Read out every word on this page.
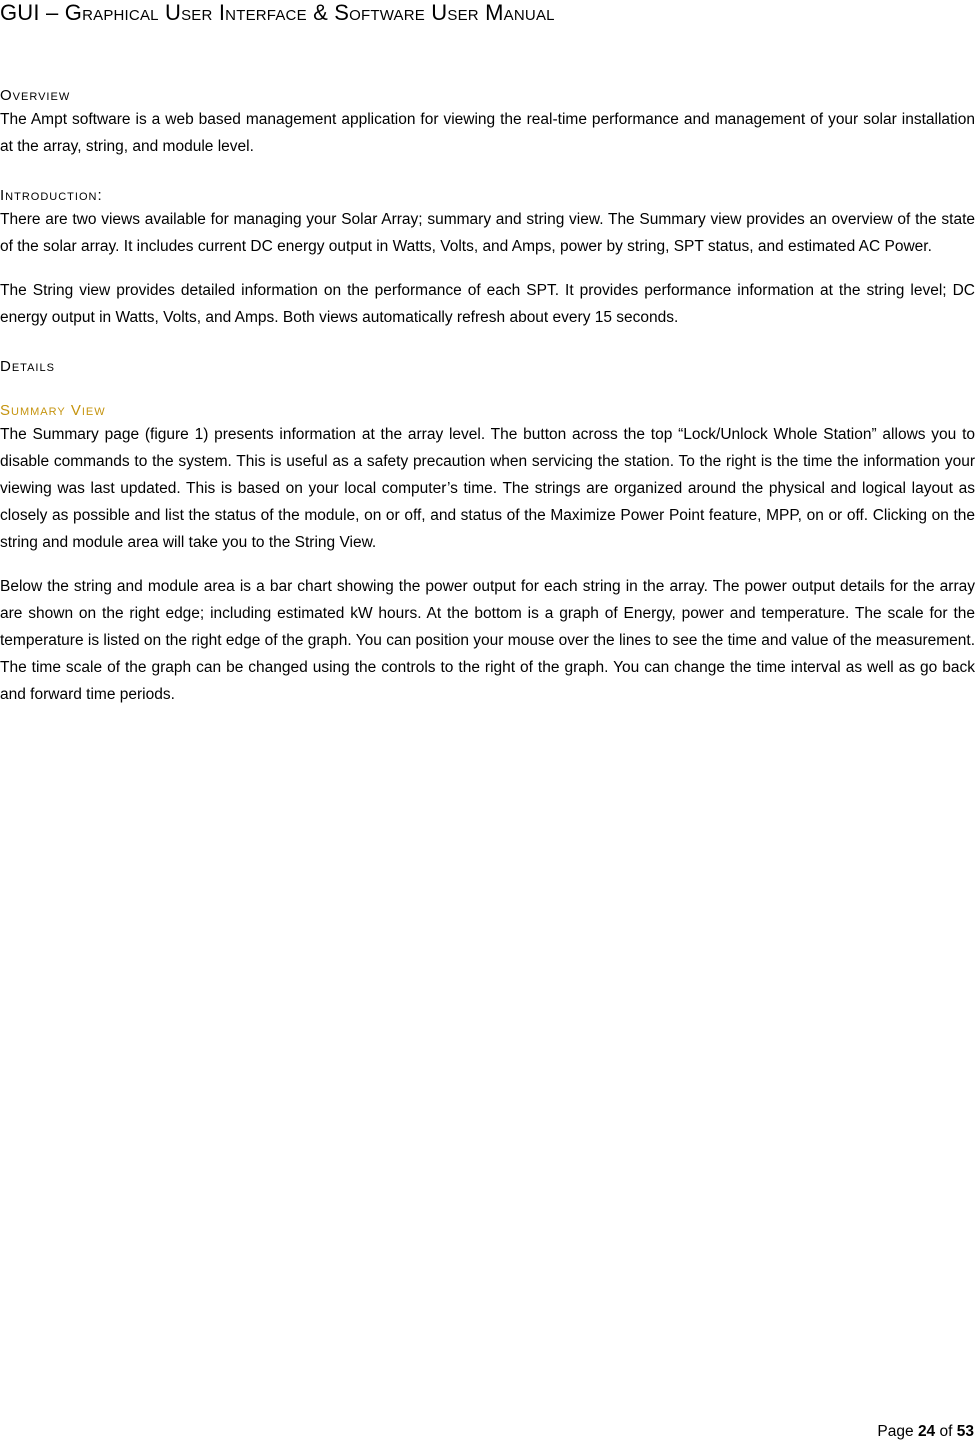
GUI – Graphical User Interface & Software User Manual
Overview

The Ampt software is a web based management application for viewing the real-time performance and management of your solar installation at the array, string, and module level.

Introduction:

There are two views available for managing your Solar Array; summary and string view. The Summary view provides an overview of the state of the solar array. It includes current DC energy output in Watts, Volts, and Amps, power by string, SPT status, and estimated AC Power.

The String view provides detailed information on the performance of each SPT. It provides performance information at the string level; DC energy output in Watts, Volts, and Amps. Both views automatically refresh about every 15 seconds.

Details
Summary View

The Summary page (figure 1) presents information at the array level. The button across the top “Lock/Unlock Whole Station” allows you to disable commands to the system. This is useful as a safety precaution when servicing the station. To the right is the time the information your viewing was last updated. This is based on your local computer’s time. The strings are organized around the physical and logical layout as closely as possible and list the status of the module, on or off, and status of the Maximize Power Point feature, MPP, on or off. Clicking on the string and module area will take you to the String View.

Below the string and module area is a bar chart showing the power output for each string in the array. The power output details for the array are shown on the right edge; including estimated kW hours. At the bottom is a graph of Energy, power and temperature. The scale for the temperature is listed on the right edge of the graph. You can position your mouse over the lines to see the time and value of the measurement. The time scale of the graph can be changed using the controls to the right of the graph. You can change the time interval as well as go back and forward time periods.

Page 24 of 53
